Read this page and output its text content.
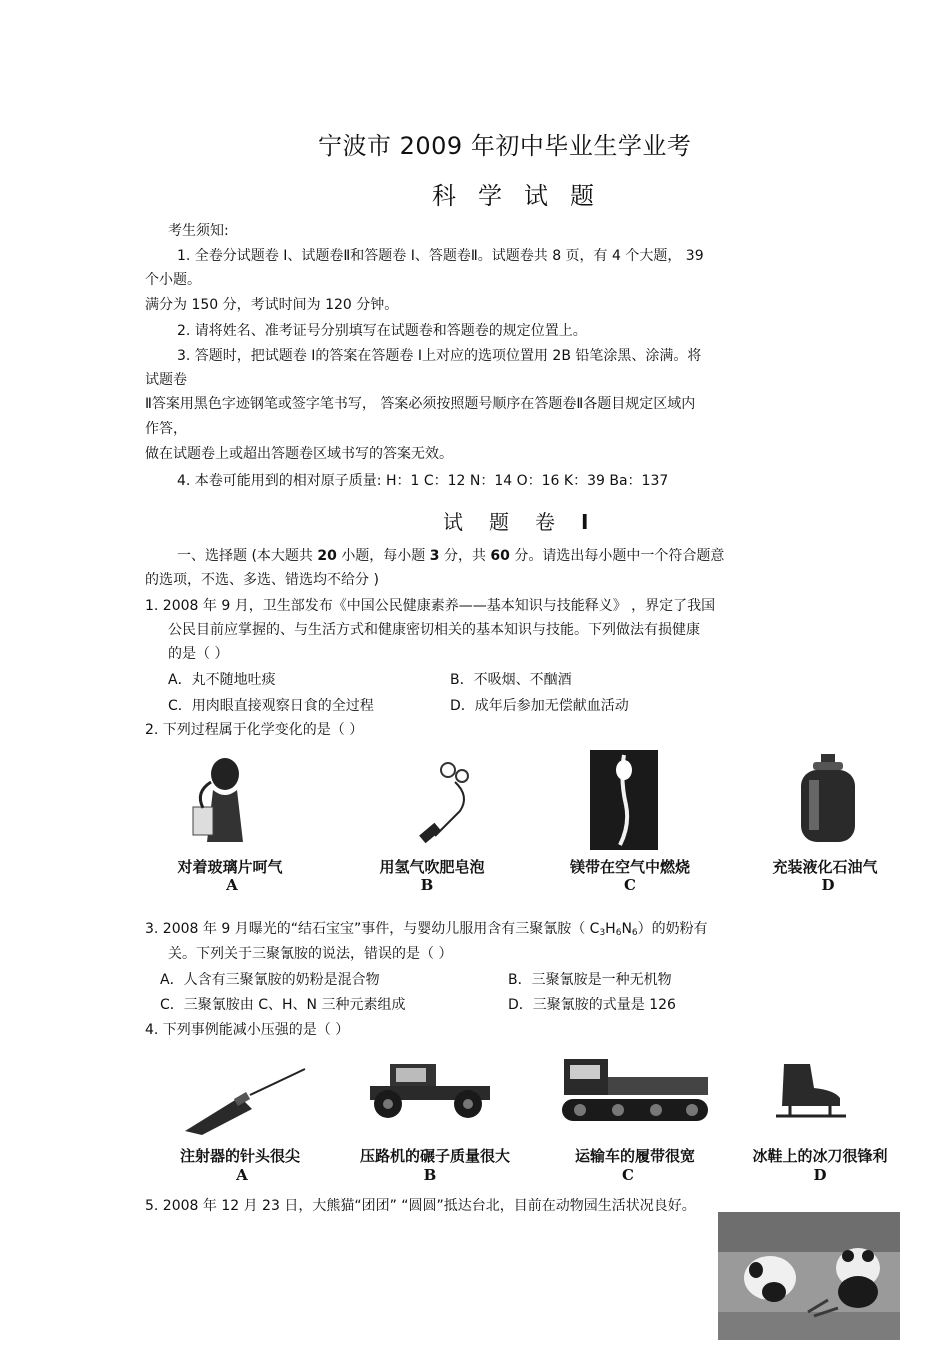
宁波市 2009 年初中毕业生学业考
科学试题
考生须知:
1. 全卷分试题卷 Ⅰ、试题卷Ⅱ和答题卷 Ⅰ、答题卷Ⅱ。试题卷共 8 页，有 4 个大题， 39
个小题。
满分为 150 分，考试时间为 120 分钟。
2. 请将姓名、准考证号分别填写在试题卷和答题卷的规定位置上。
3. 答题时，把试题卷 Ⅰ的答案在答题卷 Ⅰ上对应的选项位置用 2B 铅笔涂黑、涂满。将
试题卷
Ⅱ答案用黑色字迹钢笔或签字笔书写， 答案必须按照题号顺序在答题卷Ⅱ各题目规定区域内
作答，
做在试题卷上或超出答题卷区域书写的答案无效。
4. 本卷可能用到的相对原子质量: H：1 C：12 N：14 O：16 K：39 Ba：137
试题卷Ⅰ
一、选择题 (本大题共 20 小题，每小题 3 分，共 60 分。请选出每小题中一个符合题意
的选项，不选、多选、错选均不给分 )
1. 2008 年 9 月，卫生部发布《中国公民健康素养——基本知识与技能释义》 ，界定了我国
公民目前应掌握的、与生活方式和健康密切相关的基本知识与技能。下列做法有损健康
的是（ ）
A．丸不随地吐痰	B．不吸烟、不酗酒
C．用肉眼直接观察日食的全过程	D．成年后参加无偿献血活动
2. 下列过程属于化学变化的是（ ）
对着玻璃片呵气	用氢气吹肥皂泡	镁带在空气中燃烧	充装液化石油气
A	B	C	D
3. 2008 年 9 月曝光的“结石宝宝”事件，与婴幼儿服用含有三聚氰胺（ $C_3H_6N_6$）的奶粉有
关。下列关于三聚氰胺的说法，错误的是（ ）
A．人含有三聚氰胺的奶粉是混合物	B．三聚氰胺是一种无机物
C．三聚氰胺由 C、H、N 三种元素组成	D．三聚氰胺的式量是 126
4. 下列事例能减小压强的是（ ）
注射器的针头很尖	压路机的碾子质量很大	运输车的履带很宽	冰鞋上的冰刀很锋利
A	B	C	D
5. 2008 年 12 月 23 日，大熊猫“团团” “圆圆”抵达台北，目前在动物园生活状况良好。
